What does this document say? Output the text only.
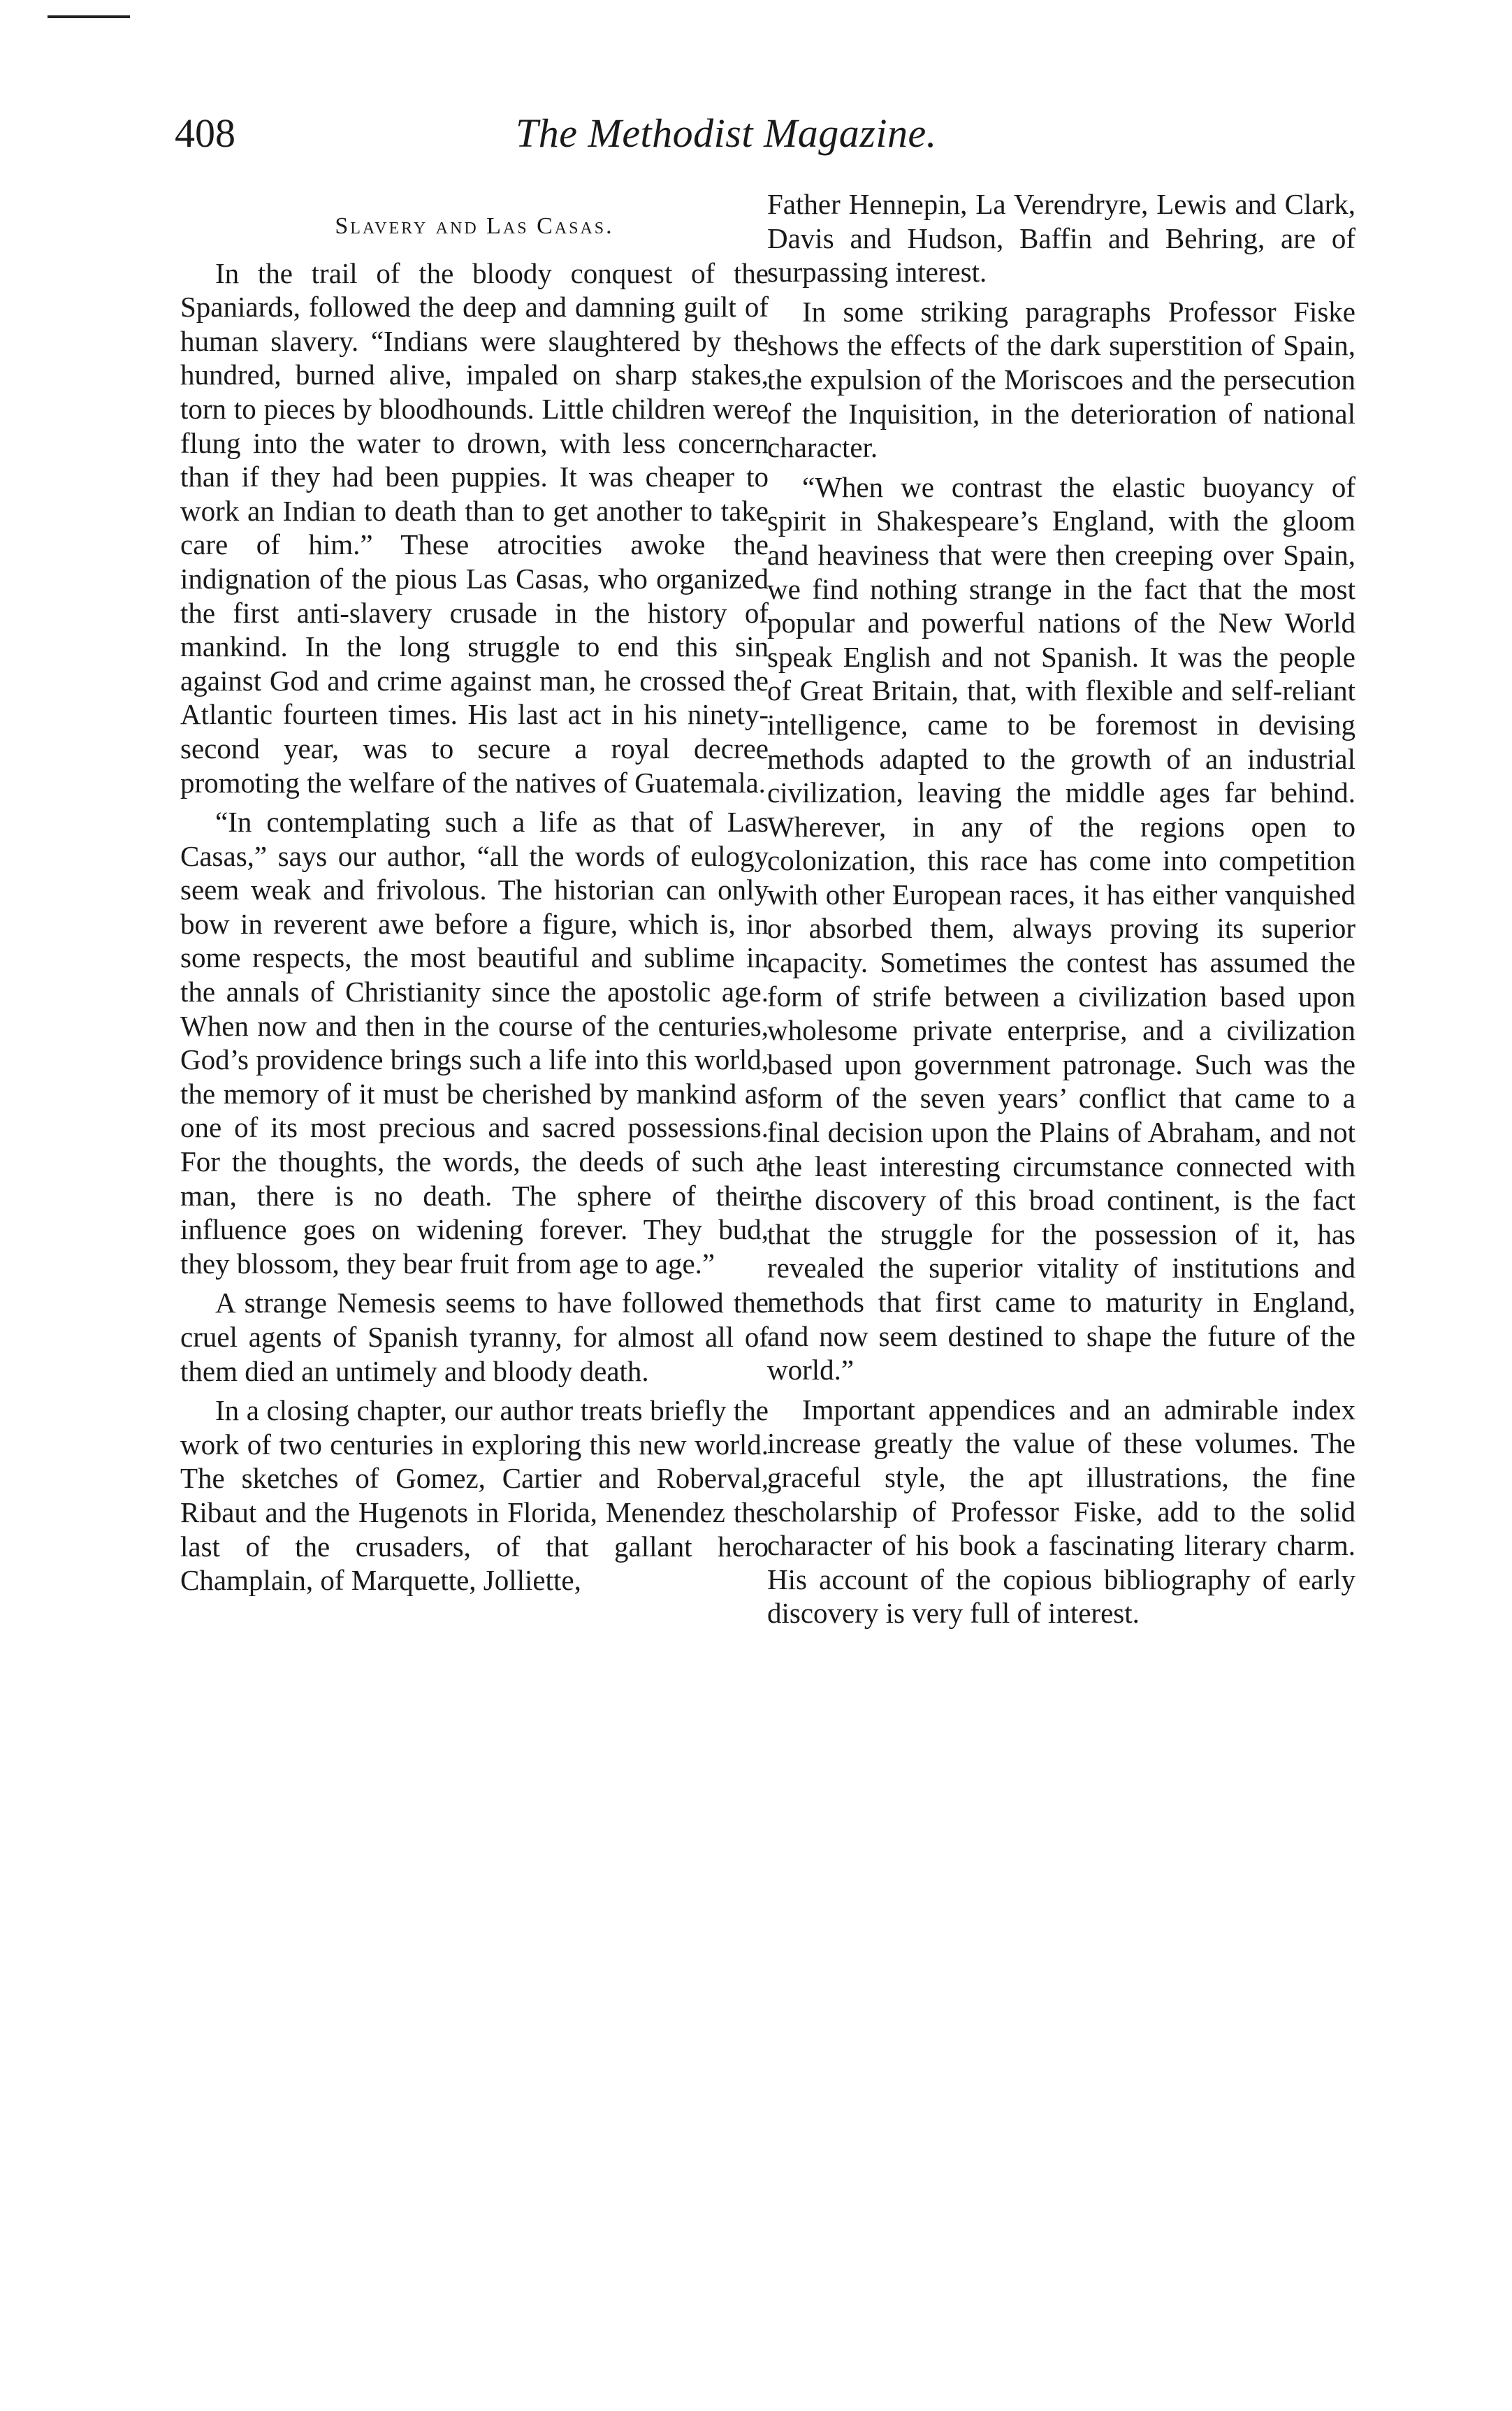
408	The Methodist Magazine.
Slavery and Las Casas.

In the trail of the bloody conquest of the Spaniards, followed the deep and damning guilt of human slavery. “Indians were slaughtered by the hundred, burned alive, impaled on sharp stakes, torn to pieces by bloodhounds. Little children were flung into the water to drown, with less concern than if they had been puppies. It was cheaper to work an Indian to death than to get another to take care of him.” These atrocities awoke the indignation of the pious Las Casas, who organized the first anti-slavery crusade in the history of mankind. In the long struggle to end this sin against God and crime against man, he crossed the Atlantic fourteen times. His last act in his ninety-second year, was to secure a royal decree promoting the welfare of the natives of Guatemala.

“In contemplating such a life as that of Las Casas,” says our author, “all the words of eulogy seem weak and frivolous. The historian can only bow in reverent awe before a figure, which is, in some respects, the most beautiful and sublime in the annals of Christianity since the apostolic age. When now and then in the course of the centuries, God’s providence brings such a life into this world, the memory of it must be cherished by mankind as one of its most precious and sacred possessions. For the thoughts, the words, the deeds of such a man, there is no death. The sphere of their influence goes on widening forever. They bud, they blossom, they bear fruit from age to age.”

A strange Nemesis seems to have followed the cruel agents of Spanish tyranny, for almost all of them died an untimely and bloody death.

In a closing chapter, our author treats briefly the work of two centuries in exploring this new world. The sketches of Gomez, Cartier and Roberval, Ribaut and the Hugenots in Florida, Menendez the last of the crusaders, of that gallant hero Champlain, of Marquette, Jolliette,

Father Hennepin, La Verendryre, Lewis and Clark, Davis and Hudson, Baffin and Behring, are of surpassing interest.

In some striking paragraphs Professor Fiske shows the effects of the dark superstition of Spain, the expulsion of the Moriscoes and the persecution of the Inquisition, in the deterioration of national character.

“When we contrast the elastic buoyancy of spirit in Shakespeare’s England, with the gloom and heaviness that were then creeping over Spain, we find nothing strange in the fact that the most popular and powerful nations of the New World speak English and not Spanish. It was the people of Great Britain, that, with flexible and self-reliant intelligence, came to be foremost in devising methods adapted to the growth of an industrial civilization, leaving the middle ages far behind. Wherever, in any of the regions open to colonization, this race has come into competition with other European races, it has either vanquished or absorbed them, always proving its superior capacity. Sometimes the contest has assumed the form of strife between a civilization based upon wholesome private enterprise, and a civilization based upon government patronage. Such was the form of the seven years’ conflict that came to a final decision upon the Plains of Abraham, and not the least interesting circumstance connected with the discovery of this broad continent, is the fact that the struggle for the possession of it, has revealed the superior vitality of institutions and methods that first came to maturity in England, and now seem destined to shape the future of the world.”

Important appendices and an admirable index increase greatly the value of these volumes. The graceful style, the apt illustrations, the fine scholarship of Professor Fiske, add to the solid character of his book a fascinating literary charm. His account of the copious bibliography of early discovery is very full of interest.
